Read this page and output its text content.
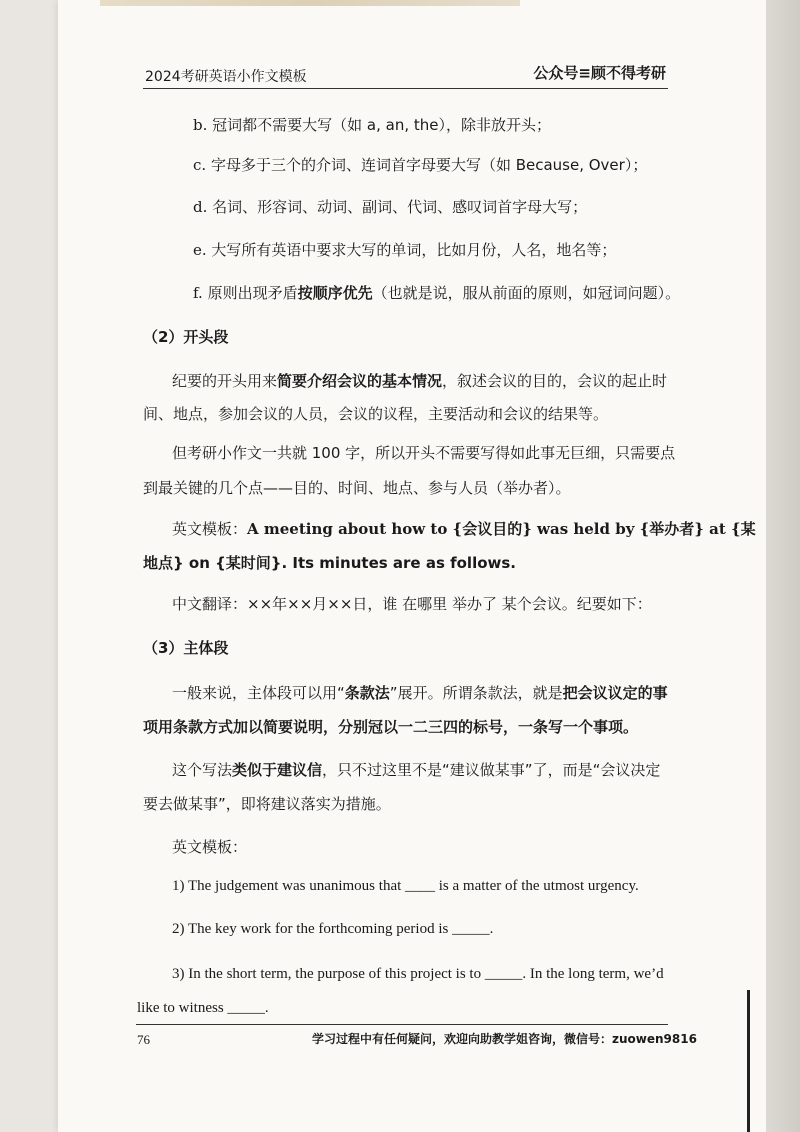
2024考研英语小作文模板	公众号≡顾不得考研
b. 冠词都不需要大写（如 a, an, the），除非放开头；
c. 字母多于三个的介词、连词首字母要大写（如 Because, Over）；
d. 名词、形容词、动词、副词、代词、感叹词首字母大写；
e. 大写所有英语中要求大写的单词，比如月份，人名，地名等；
f. 原则出现矛盾按顺序优先（也就是说，服从前面的原则，如冠词问题）。
（2）开头段
纪要的开头用来简要介绍会议的基本情况，叙述会议的目的，会议的起止时
间、地点，参加会议的人员，会议的议程，主要活动和会议的结果等。
但考研小作文一共就 100 字，所以开头不需要写得如此事无巨细，只需要点
到最关键的几个点——目的、时间、地点、参与人员（举办者）。
英文模板：A meeting about how to {会议目的} was held by {举办者} at {某
地点} on {某时间}. Its minutes are as follows.
中文翻译：××年××月××日，谁 在哪里 举办了 某个会议。纪要如下：
（3）主体段
一般来说，主体段可以用“条款法”展开。所谓条款法，就是把会议议定的事
项用条款方式加以简要说明，分别冠以一二三四的标号，一条写一个事项。
这个写法类似于建议信，只不过这里不是“建议做某事”了，而是“会议决定
要去做某事”，即将建议落实为措施。
英文模板：
1) The judgement was unanimous that ____ is a matter of the utmost urgency.
2) The key work for the forthcoming period is _____.
3) In the short term, the purpose of this project is to _____. In the long term, we’d
like to witness _____.
76	学习过程中有任何疑问，欢迎向助教学姐咨询，微信号：zuowen9816
